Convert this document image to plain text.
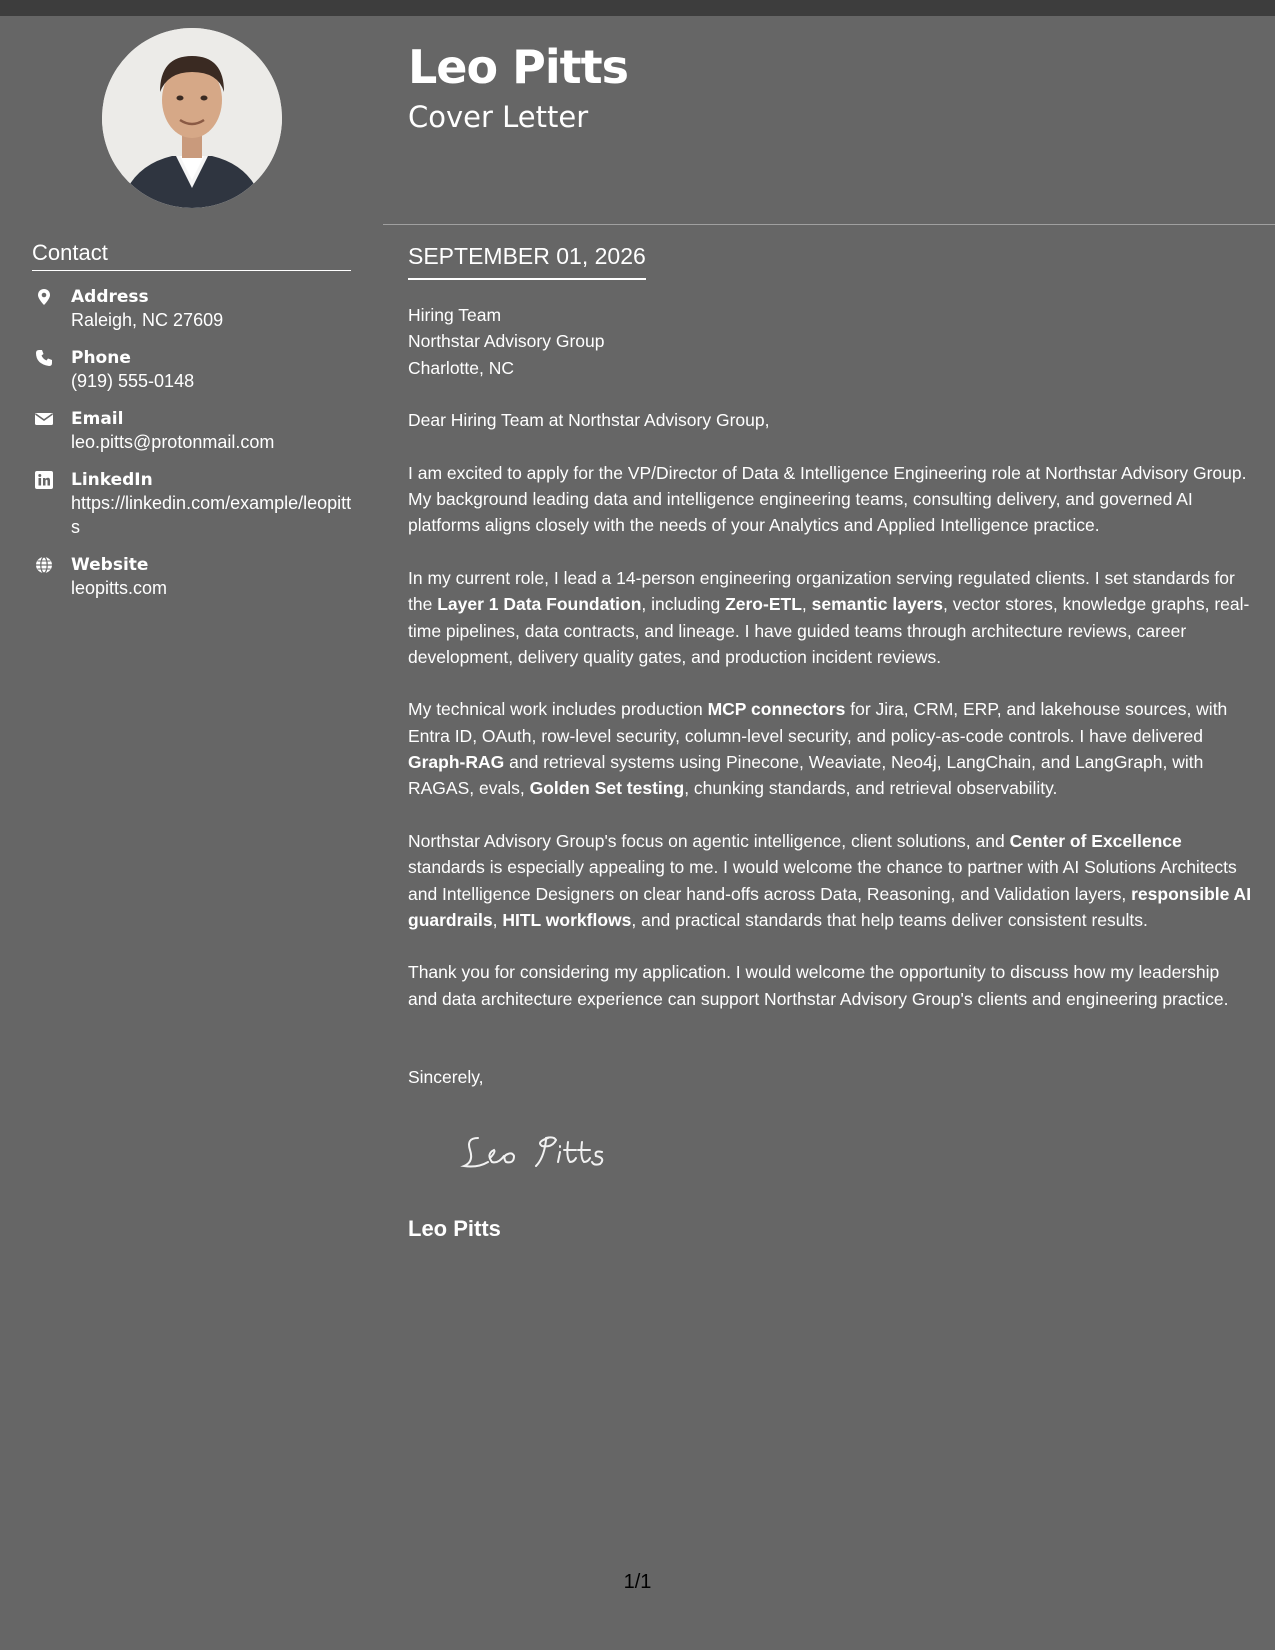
Contact
Address
Raleigh, NC 27609
Phone
(919) 555-0148
Email
leo.pitts@protonmail.com
LinkedIn
https://linkedin.com/example/leopitts
Website
leopitts.com
Leo Pitts
Cover Letter
SEPTEMBER 01, 2026
Hiring Team
Northstar Advisory Group
Charlotte, NC

Dear Hiring Team at Northstar Advisory Group,

I am excited to apply for the VP/Director of Data & Intelligence Engineering role at Northstar Advisory Group. My background leading data and intelligence engineering teams, consulting delivery, and governed AI platforms aligns closely with the needs of your Analytics and Applied Intelligence practice.

In my current role, I lead a 14-person engineering organization serving regulated clients. I set standards for the Layer 1 Data Foundation, including Zero-ETL, semantic layers, vector stores, knowledge graphs, real-time pipelines, data contracts, and lineage. I have guided teams through architecture reviews, career development, delivery quality gates, and production incident reviews.

My technical work includes production MCP connectors for Jira, CRM, ERP, and lakehouse sources, with Entra ID, OAuth, row-level security, column-level security, and policy-as-code controls. I have delivered Graph-RAG and retrieval systems using Pinecone, Weaviate, Neo4j, LangChain, and LangGraph, with RAGAS, evals, Golden Set testing, chunking standards, and retrieval observability.

Northstar Advisory Group's focus on agentic intelligence, client solutions, and Center of Excellence standards is especially appealing to me. I would welcome the chance to partner with AI Solutions Architects and Intelligence Designers on clear hand-offs across Data, Reasoning, and Validation layers, responsible AI guardrails, HITL workflows, and practical standards that help teams deliver consistent results.

Thank you for considering my application. I would welcome the opportunity to discuss how my leadership and data architecture experience can support Northstar Advisory Group's clients and engineering practice.

Sincerely,
Leo Pitts
1/1
